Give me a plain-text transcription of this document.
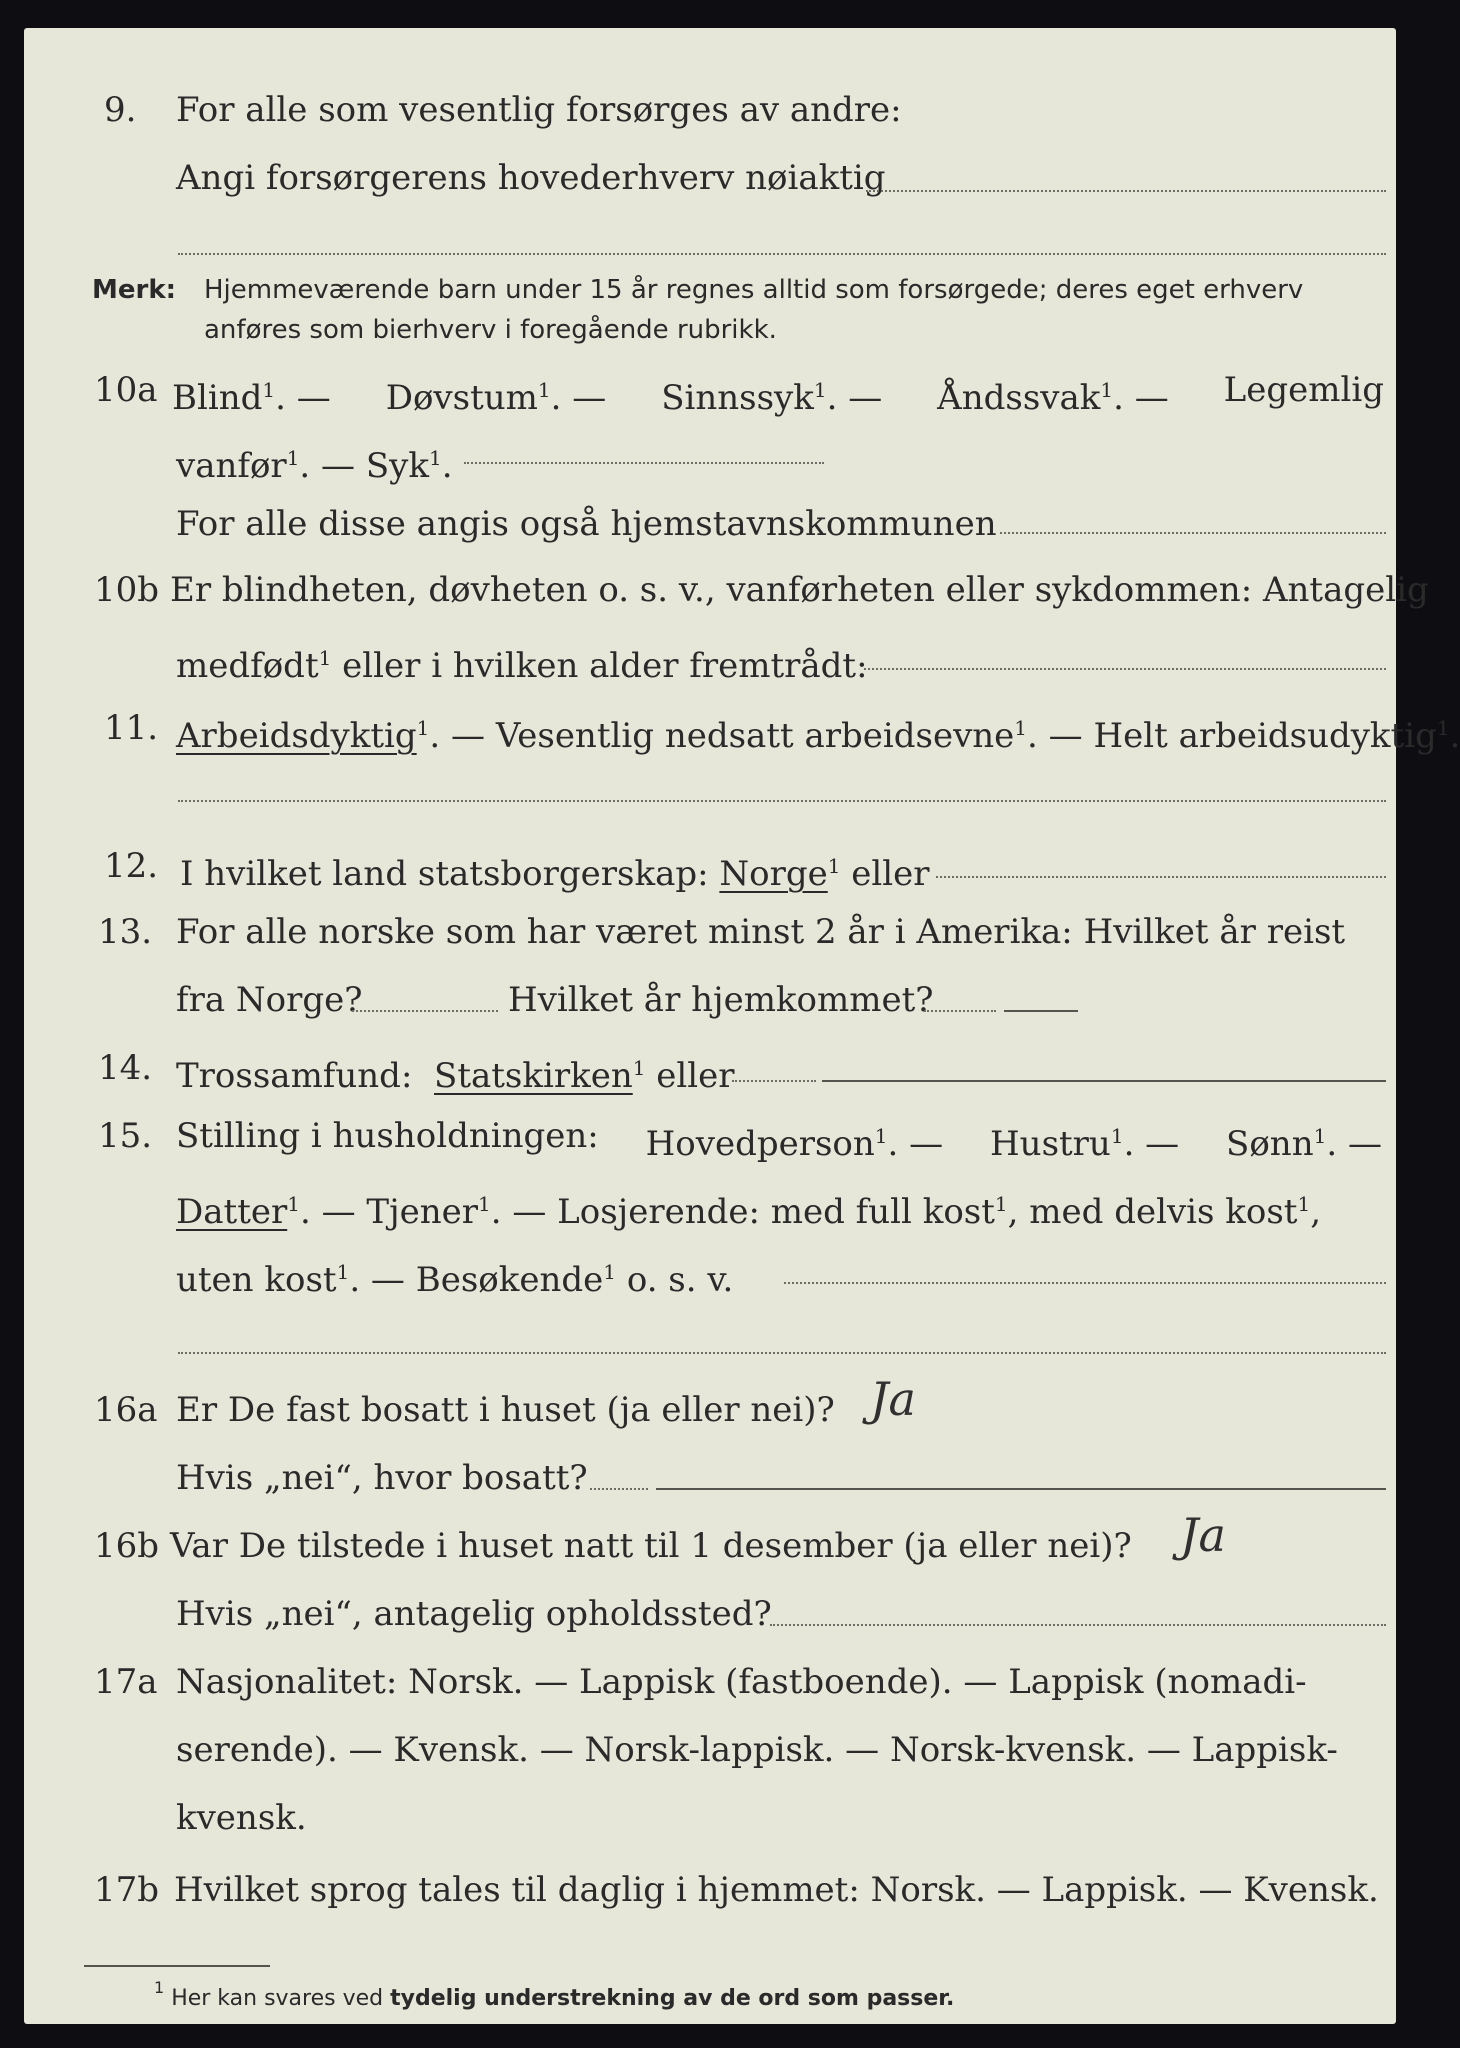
9. For alle som vesentlig forsørges av andre:
Angi forsørgerens hovederhverv nøiaktig
Merk: Hjemmeværende barn under 15 år regnes alltid som forsørgede; deres eget erhverv
anføres som bierhverv i foregående rubrikk.
10a Blind$^1$. — Døvstum$^1$. — Sinnssyk$^1$. — Åndssvak$^1$. — Legemlig
vanfør$^1$. — Syk$^1$.
For alle disse angis også hjemstavnskommunen
10b Er blindheten, døvheten o. s. v., vanførheten eller sykdommen: Antagelig
medfødt$^1$ eller i hvilken alder fremtrådt:
11. Arbeidsdyktig$^1$. — Vesentlig nedsatt arbeidsevne$^1$. — Helt arbeidsudyktig$^1$.
12. I hvilket land statsborgerskap: Norge$^1$ eller
13. For alle norske som har været minst 2 år i Amerika: Hvilket år reist
fra Norge?	Hvilket år hjemkommet?
14. Trossamfund: Statskirken$^1$ eller
15. Stilling i husholdningen: Hovedperson$^1$. — Hustru$^1$. — Sønn$^1$. —
Datter$^1$. — Tjener$^1$. — Losjerende: med full kost$^1$, med delvis kost$^1$,
uten kost$^1$. — Besøkende$^1$ o. s. v.
16a Er De fast bosatt i huset (ja eller nei)? Ja
Hvis „nei“, hvor bosatt?
16b Var De tilstede i huset natt til 1 desember (ja eller nei)? Ja
Hvis „nei“, antagelig opholdssted?
17a Nasjonalitet: Norsk. — Lappisk (fastboende). — Lappisk (nomadi-
serende). — Kvensk. — Norsk-lappisk. — Norsk-kvensk. — Lappisk-
kvensk.
17b Hvilket sprog tales til daglig i hjemmet: Norsk. — Lappisk. — Kvensk.
$^1$ Her kan svares ved tydelig understrekning av de ord som passer.
